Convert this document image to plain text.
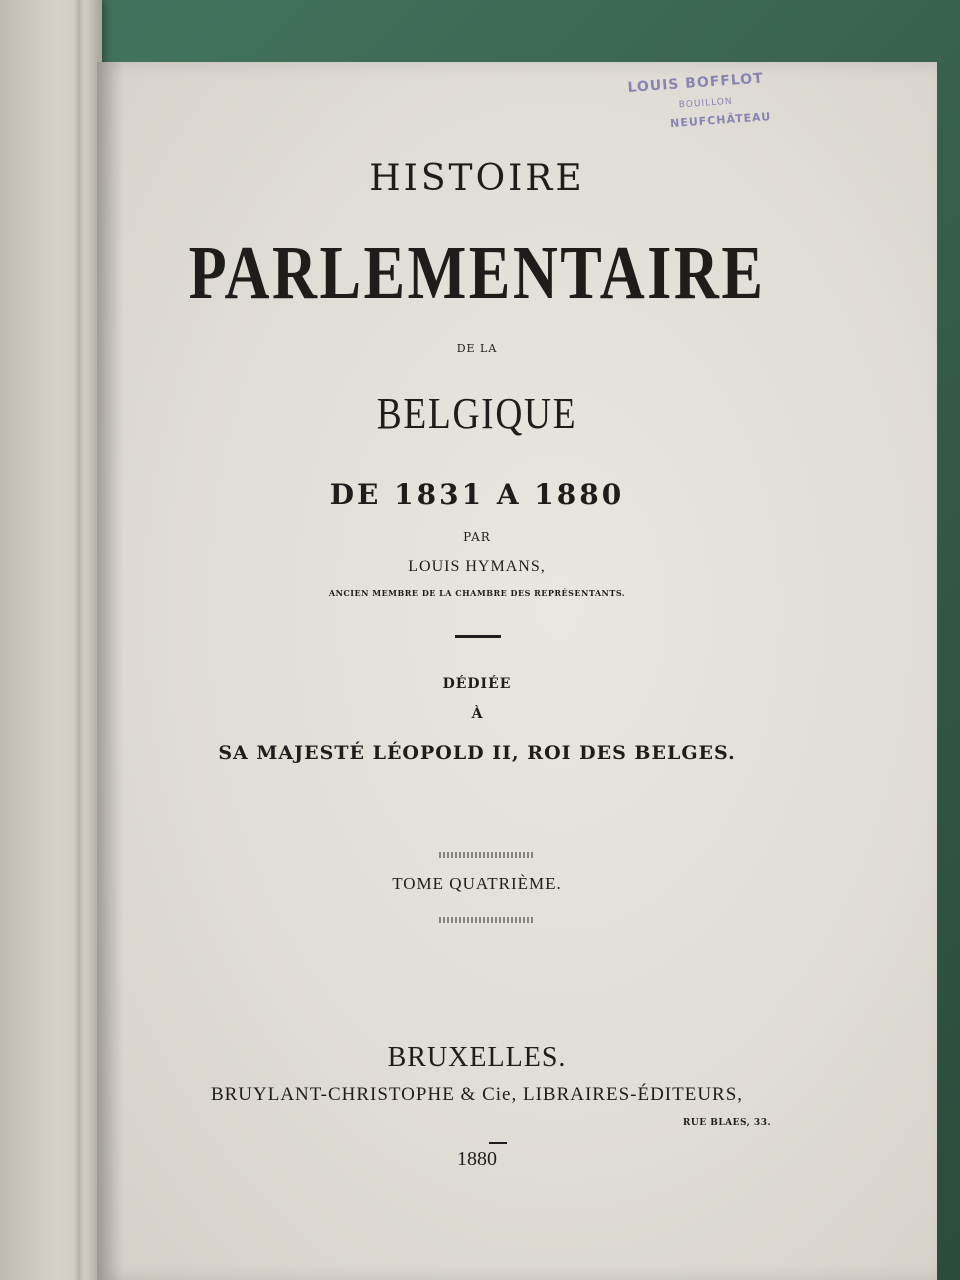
LOUIS BOFFLOT
BOUILLON
NEUFCHÂTEAU
HISTOIRE
PARLEMENTAIRE
DE LA
BELGIQUE
DE 1831 A 1880
PAR
LOUIS HYMANS,
ANCIEN MEMBRE DE LA CHAMBRE DES REPRÉSENTANTS.
DÉDIÉE
À
SA MAJESTÉ LÉOPOLD II, ROI DES BELGES.
TOME QUATRIÈME.
BRUXELLES.
BRUYLANT-CHRISTOPHE & Cie, LIBRAIRES-ÉDITEURS,
RUE BLAES, 33.
1880
